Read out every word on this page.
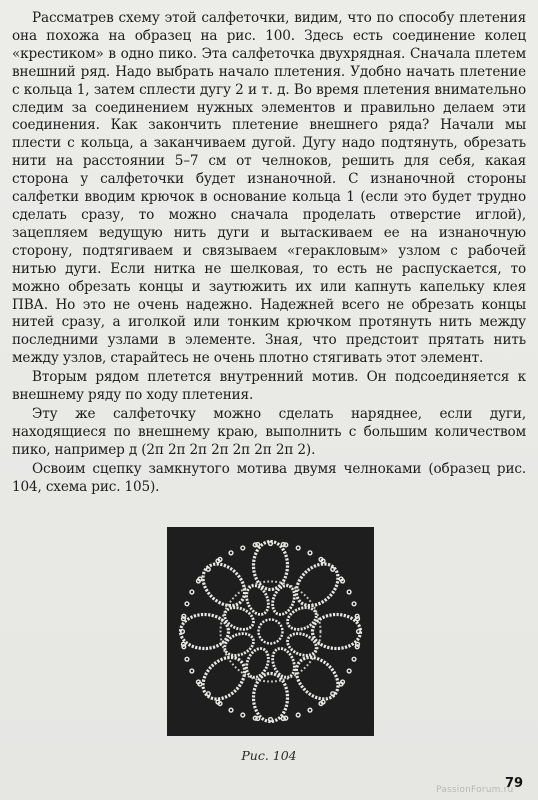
Рассматрев схему этой салфеточки, видим, что по способу плетения она похожа на образец на рис. 100. Здесь есть соединение колец «крестиком» в одно пико. Эта салфеточка двухрядная. Сначала плетем внешний ряд. Надо выбрать начало плетения. Удобно начать плетение с кольца 1, затем сплести дугу 2 и т. д. Во время плетения внимательно следим за соединением нужных элементов и правильно делаем эти соединения. Как закончить плетение внешнего ряда? Начали мы плести с кольца, а заканчиваем дугой. Дугу надо подтянуть, обрезать нити на расстоянии 5–7 см от челноков, решить для себя, какая сторона у салфеточки будет изнаночной. С изнаночной стороны салфетки вводим крючок в основание кольца 1 (если это будет трудно сделать сразу, то можно сначала проделать отверстие иглой), зацепляем ведущую нить дуги и вытаскиваем ее на изнаночную сторону, подтягиваем и связываем «геракловым» узлом с рабочей нитью дуги. Если нитка не шелковая, то есть не распускается, то можно обрезать концы и заутюжить их или капнуть капельку клея ПВА. Но это не очень надежно. Надежней всего не обрезать концы нитей сразу, а иголкой или тонким крючком протянуть нить между последними узлами в элементе. Зная, что предстоит прятать нить между узлов, старайтесь не очень плотно стягивать этот элемент.

Вторым рядом плетется внутренний мотив. Он подсоединяется к внешнему ряду по ходу плетения.

Эту же салфеточку можно сделать наряднее, если дуги, находящиеся по внешнему краю, выполнить с большим количеством пико, например д (2п 2п 2п 2п 2п 2п 2п 2).

Освоим сцепку замкнутого мотива двумя челноками (образец рис. 104, схема рис. 105).

Рис. 104
79
PassionForum.ru
